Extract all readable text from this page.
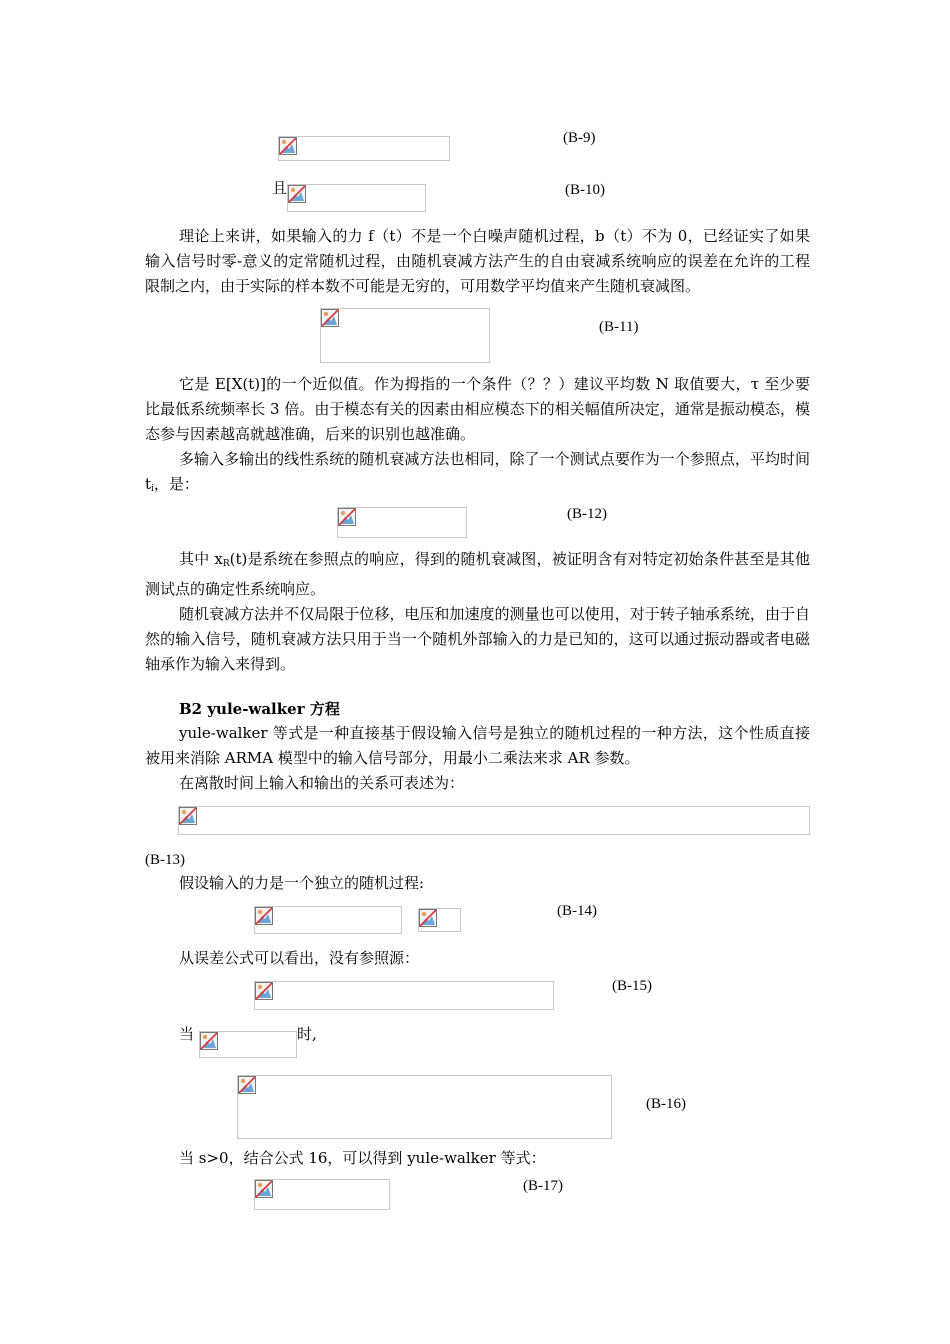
(B-9)
且	(B-10)

理论上来讲，如果输入的力 f（t）不是一个白噪声随机过程，b（t）不为 0，已经证实了如果输入信号时零-意义的定常随机过程，由随机衰减方法产生的自由衰减系统响应的误差在允许的工程限制之内，由于实际的样本数不可能是无穷的，可用数学平均值来产生随机衰减图。

(B-11)

它是 E[X(t)]的一个近似值。作为拇指的一个条件（？？）建议平均数 N 取值要大，τ 至少要比最低系统频率长 3 倍。由于模态有关的因素由相应模态下的相关幅值所决定，通常是振动模态，模态参与因素越高就越准确，后来的识别也越准确。

多输入多输出的线性系统的随机衰减方法也相同，除了一个测试点要作为一个参照点，平均时间 $t_i$，是：

(B-12)

其中 $x_R(t)$是系统在参照点的响应，得到的随机衰减图，被证明含有对特定初始条件甚至是其他测试点的确定性系统响应。

随机衰减方法并不仅局限于位移，电压和加速度的测量也可以使用，对于转子轴承系统，由于自然的输入信号，随机衰减方法只用于当一个随机外部输入的力是已知的，这可以通过振动器或者电磁轴承作为输入来得到。

B2 yule-walker 方程

yule-walker 等式是一种直接基于假设输入信号是独立的随机过程的一种方法，这个性质直接被用来消除 ARMA 模型中的输入信号部分，用最小二乘法来求 AR 参数。

在离散时间上输入和输出的关系可表述为：

(B-13)

假设输入的力是一个独立的随机过程:

(B-14)

从误差公式可以看出，没有参照源：

(B-15)
当	时,
(B-16)
当 s>0，结合公式 16，可以得到 yule-walker 等式：
(B-17)
